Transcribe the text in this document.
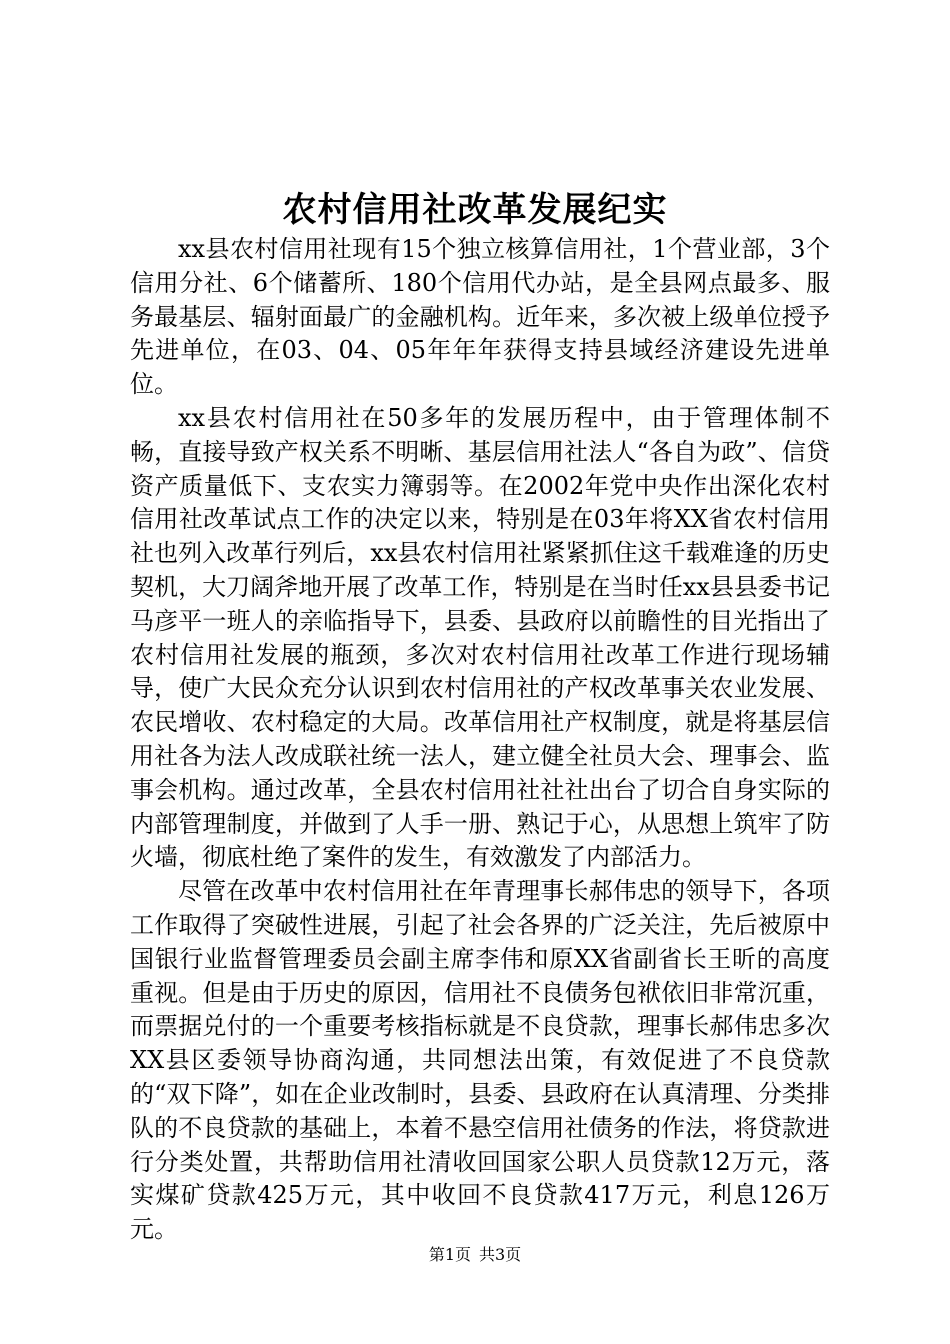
农村信用社改革发展纪实

xx县农村信用社现有15个独立核算信用社，1个营业部，3个信用分社、6个储蓄所、180个信用代办站，是全县网点最多、服务最基层、辐射面最广的金融机构。近年来，多次被上级单位授予先进单位，在03、04、05年年年获得支持县域经济建设先进单位。

xx县农村信用社在50多年的发展历程中，由于管理体制不畅，直接导致产权关系不明晰、基层信用社法人“各自为政”、信贷资产质量低下、支农实力簿弱等。在2002年党中央作出深化农村信用社改革试点工作的决定以来，特别是在03年将XX省农村信用社也列入改革行列后，xx县农村信用社紧紧抓住这千载难逢的历史契机，大刀阔斧地开展了改革工作，特别是在当时任xx县县委书记马彦平一班人的亲临指导下，县委、县政府以前瞻性的目光指出了农村信用社发展的瓶颈，多次对农村信用社改革工作进行现场辅导，使广大民众充分认识到农村信用社的产权改革事关农业发展、农民增收、农村稳定的大局。改革信用社产权制度，就是将基层信用社各为法人改成联社统一法人，建立健全社员大会、理事会、监事会机构。通过改革，全县农村信用社社社出台了切合自身实际的内部管理制度，并做到了人手一册、熟记于心，从思想上筑牢了防火墙，彻底杜绝了案件的发生，有效激发了内部活力。

尽管在改革中农村信用社在年青理事长郝伟忠的领导下，各项工作取得了突破性进展，引起了社会各界的广泛关注，先后被原中国银行业监督管理委员会副主席李伟和原XX省副省长王昕的高度重视。但是由于历史的原因，信用社不良债务包袱依旧非常沉重，而票据兑付的一个重要考核指标就是不良贷款，理事长郝伟忠多次XX县区委领导协商沟通，共同想法出策，有效促进了不良贷款的“双下降”，如在企业改制时，县委、县政府在认真清理、分类排队的不良贷款的基础上，本着不悬空信用社债务的作法，将贷款进行分类处置，共帮助信用社清收回国家公职人员贷款12万元，落实煤矿贷款425万元，其中收回不良贷款417万元，利息126万元。

第1页 共3页
